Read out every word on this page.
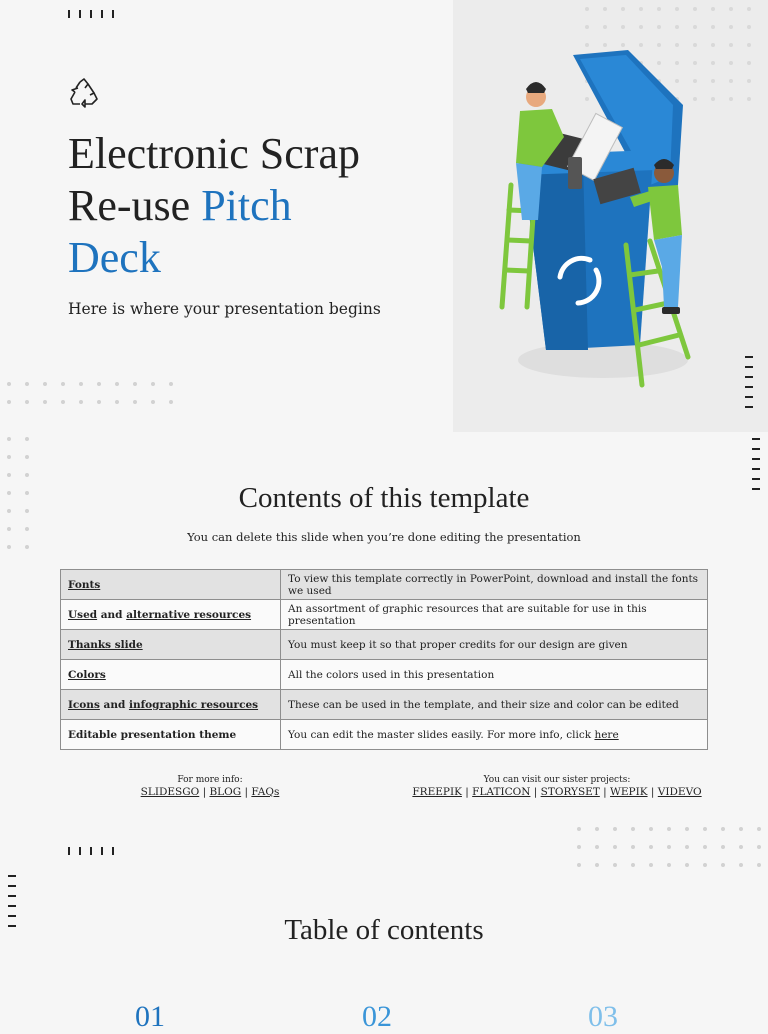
Electronic Scrap
Re-use Pitch
Deck
Here is where your presentation begins
Contents of this template
You can delete this slide when you’re done editing the presentation
Fonts	To view this template correctly in PowerPoint, download and install the fonts we used
Used and alternative resources	An assortment of graphic resources that are suitable for use in this presentation
Thanks slide	You must keep it so that proper credits for our design are given
Colors	All the colors used in this presentation
Icons and infographic resources	These can be used in the template, and their size and color can be edited
Editable presentation theme	You can edit the master slides easily. For more info, click here
For more info:
SLIDESGO | BLOG | FAQs
You can visit our sister projects:
FREEPIK | FLATICON | STORYSET | WEPIK | VIDEVO
Table of contents
01	02	03
